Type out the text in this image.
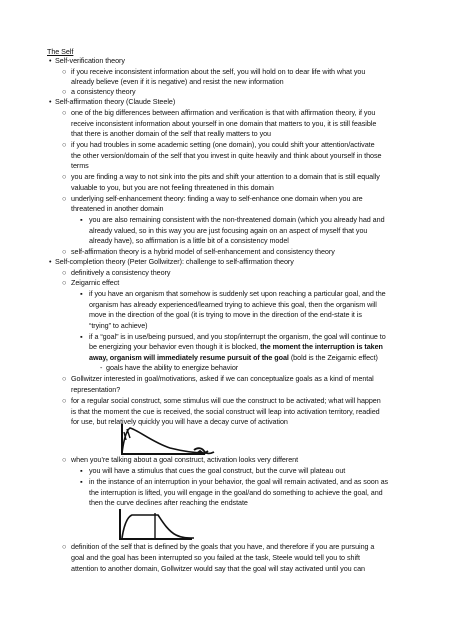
The Self
• Self-verification theory
○ if you receive inconsistent information about the self, you will hold on to dear life with what you
already believe (even if it is negative) and resist the new information
○ a consistency theory
• Self-affirmation theory (Claude Steele)
○ one of the big differences between affirmation and verification is that with affirmation theory, if you
receive inconsistent information about yourself in one domain that matters to you, it is still feasible
that there is another domain of the self that really matters to you
○ if you had troubles in some academic setting (one domain), you could shift your attention/activate
the other version/domain of the self that you invest in quite heavily and think about yourself in those
terms
○ you are finding a way to not sink into the pits and shift your attention to a domain that is still equally
valuable to you, but you are not feeling threatened in this domain
○ underlying self-enhancement theory: finding a way to self-enhance one domain when you are
threatened in another domain
▪ you are also remaining consistent with the non-threatened domain (which you already had and
already valued, so in this way you are just focusing again on an aspect of myself that you
already have), so affirmation is a little bit of a consistency model
○ self-affirmation theory is a hybrid model of self-enhancement and consistency theory
• Self-completion theory (Peter Gollwitzer): challenge to self-affirmation theory
○ definitively a consistency theory
○ Zeigarnic effect
▪ if you have an organism that somehow is suddenly set upon reaching a particular goal, and the
organism has already experienced/learned trying to achieve this goal, then the organism will
move in the direction of the goal (it is trying to move in the direction of the end-state it is
“trying” to achieve)
▪ if a “goal” is in use/being pursued, and you stop/interrupt the organism, the goal will continue to
be energizing your behavior even though it is blocked, the moment the interruption is taken
away, organism will immediately resume pursuit of the goal (bold is the Zeigarnic effect)
- goals have the ability to energize behavior
○ Gollwitzer interested in goal/motivations, asked if we can conceptualize goals as a kind of mental
representation?
○ for a regular social construct, some stimulus will cue the construct to be activated; what will happen
is that the moment the cue is received, the social construct will leap into activation territory, readied
for use, but relatively quickly you will have a decay curve of activation
○ when you’re talking about a goal construct, activation looks very different
▪ you will have a stimulus that cues the goal construct, but the curve will plateau out
▪ in the instance of an interruption in your behavior, the goal will remain activated, and as soon as
the interruption is lifted, you will engage in the goal/and do something to achieve the goal, and
then the curve declines after reaching the endstate
○ definition of the self that is defined by the goals that you have, and therefore if you are pursuing a
goal and the goal has been interrupted so you failed at the task, Steele would tell you to shift
attention to another domain, Gollwitzer would say that the goal will stay activated until you can
